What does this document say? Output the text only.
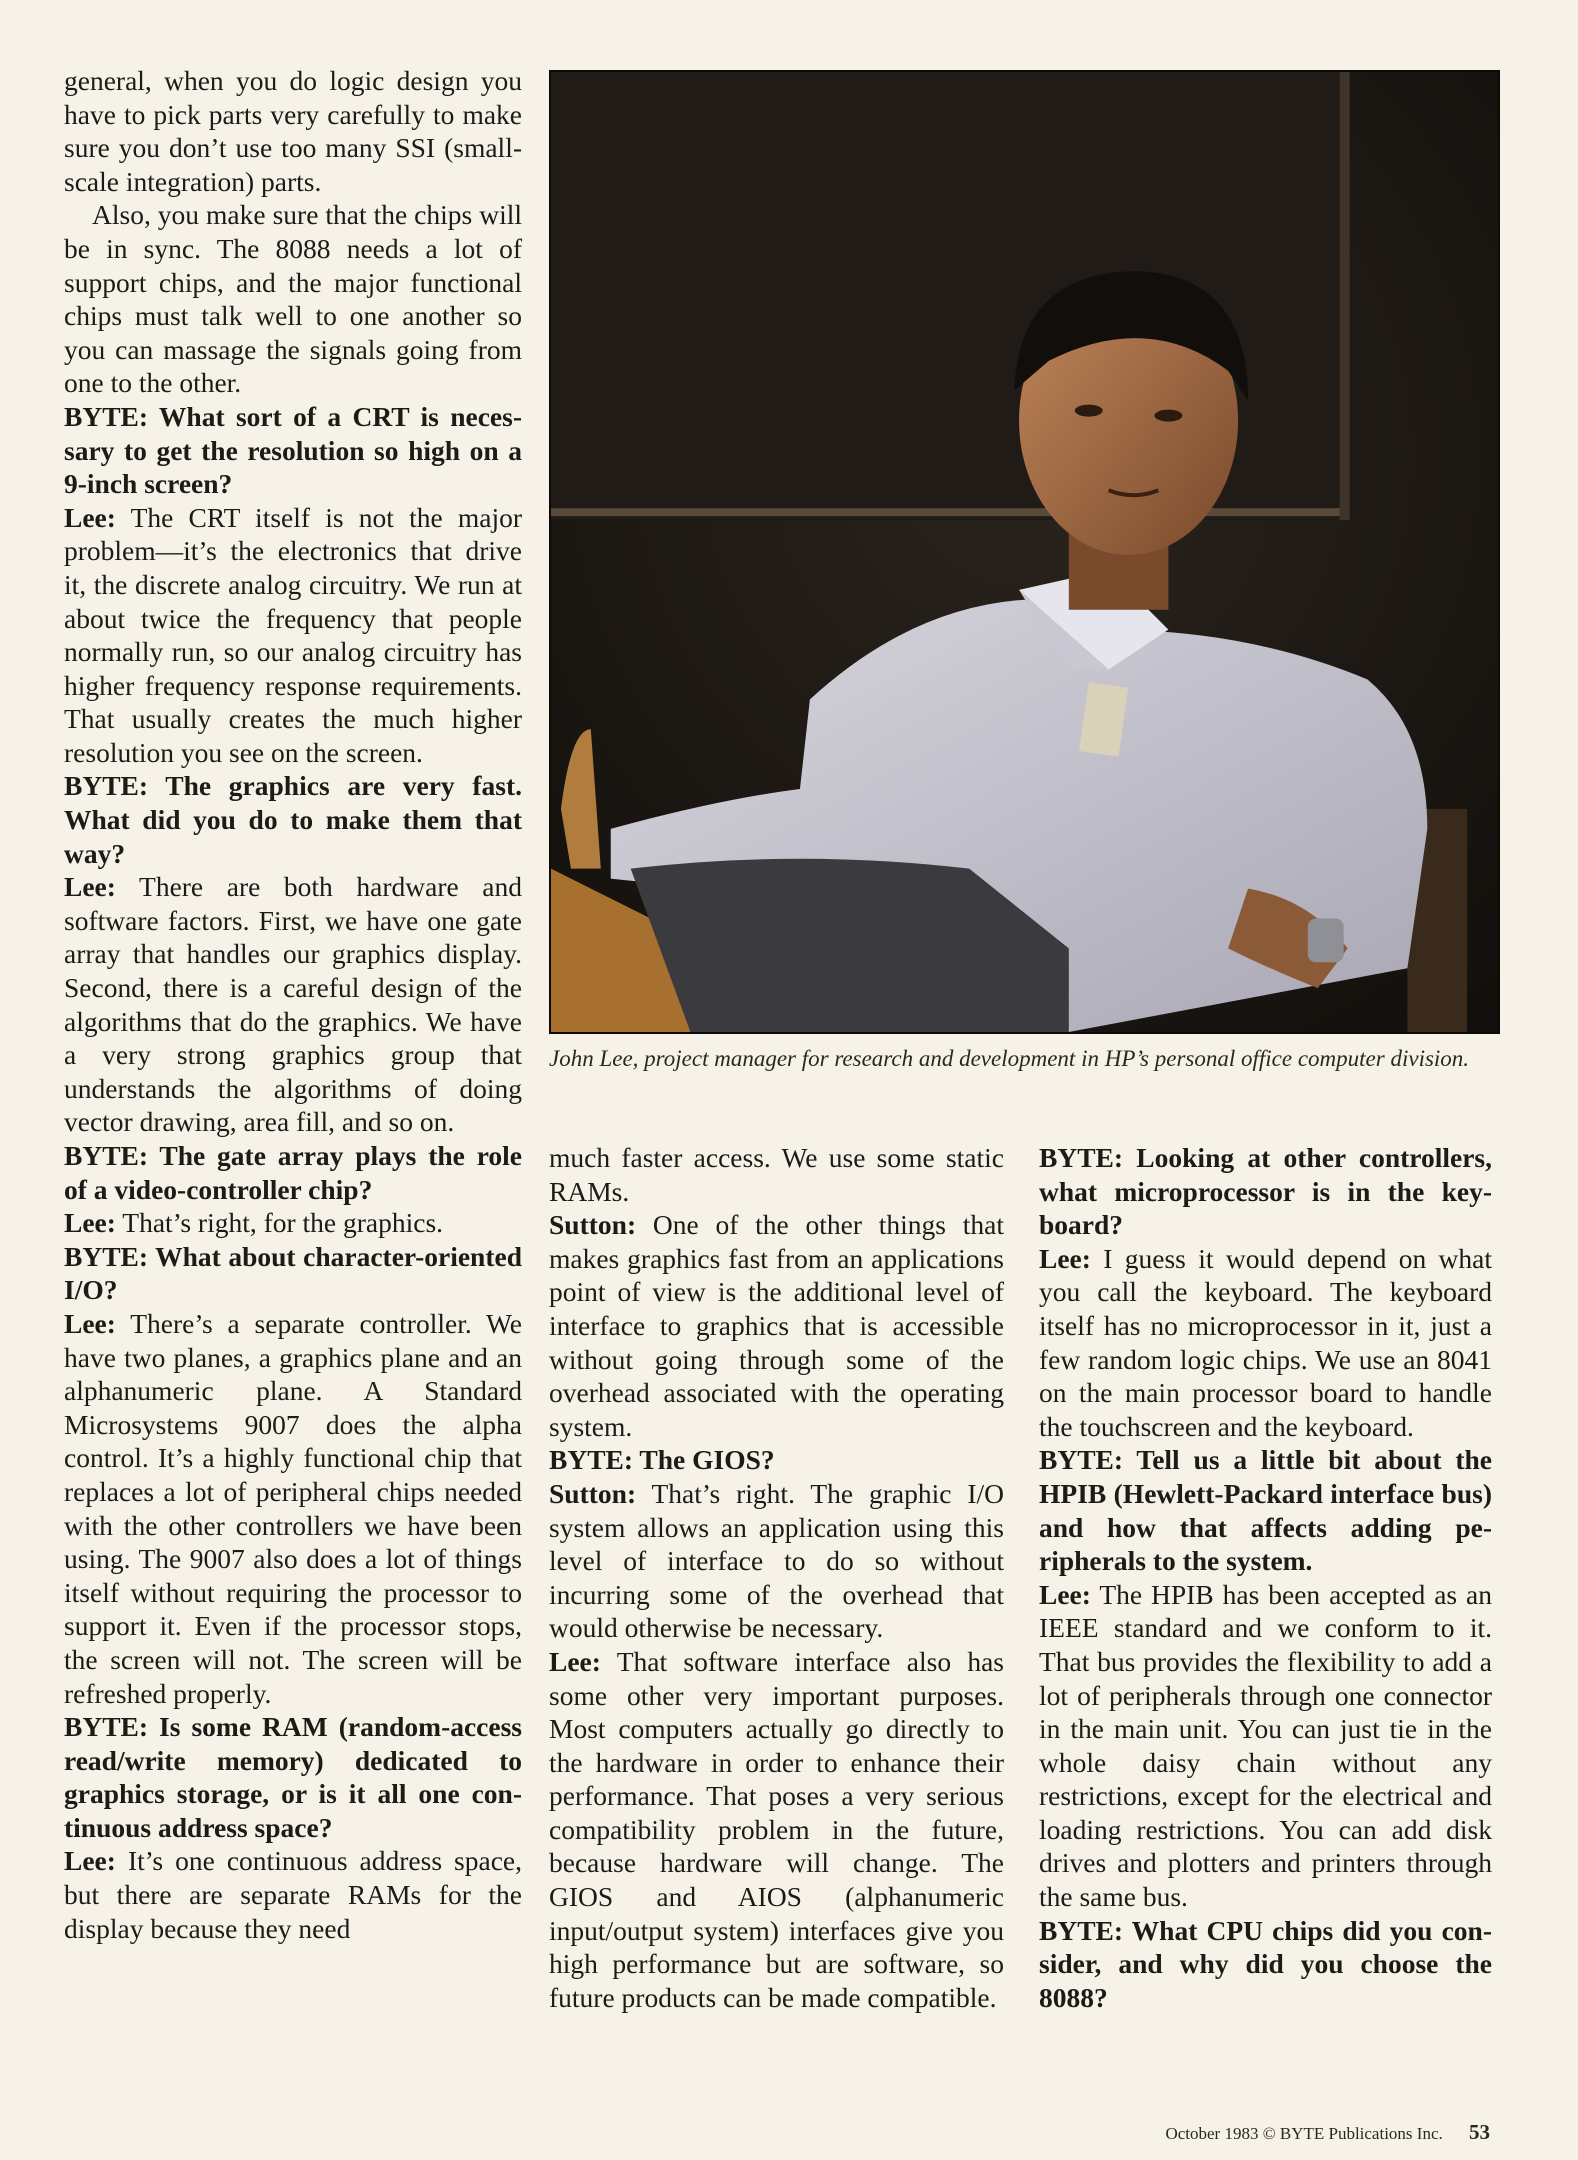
general, when you do logic design you have to pick parts very carefully to make sure you don’t use too many SSI (small-scale integration) parts.

Also, you make sure that the chips will be in sync. The 8088 needs a lot of support chips, and the major functional chips must talk well to one another so you can massage the signals going from one to the other.

BYTE: What sort of a CRT is necessary to get the resolution so high on a 9-inch screen?

Lee: The CRT itself is not the major problem—it’s the electronics that drive it, the discrete analog circuitry. We run at about twice the frequency that people normally run, so our analog circuitry has higher frequency response requirements. That usually creates the much higher resolution you see on the screen.

BYTE: The graphics are very fast. What did you do to make them that way?

Lee: There are both hardware and software factors. First, we have one gate array that handles our graphics display. Second, there is a careful design of the algorithms that do the graphics. We have a very strong graphics group that understands the algorithms of doing vector drawing, area fill, and so on.

BYTE: The gate array plays the role of a video-controller chip?

Lee: That’s right, for the graphics.

BYTE: What about character-oriented I/O?

Lee: There’s a separate controller. We have two planes, a graphics plane and an alphanumeric plane. A Standard Microsystems 9007 does the alpha control. It’s a highly functional chip that replaces a lot of peripheral chips needed with the other controllers we have been using. The 9007 also does a lot of things itself without requiring the processor to support it. Even if the processor stops, the screen will not. The screen will be refreshed properly.

BYTE: Is some RAM (random-access read/write memory) dedicated to graphics storage, or is it all one continuous address space?

Lee: It’s one continuous address space, but there are separate RAMs for the display because they need

John Lee, project manager for research and development in HP’s personal office computer division.

much faster access. We use some static RAMs.

Sutton: One of the other things that makes graphics fast from an applications point of view is the additional level of interface to graphics that is accessible without going through some of the overhead associated with the operating system.

BYTE: The GIOS?

Sutton: That’s right. The graphic I/O system allows an application using this level of interface to do so without incurring some of the overhead that would otherwise be necessary.

Lee: That software interface also has some other very important purposes. Most computers actually go directly to the hardware in order to enhance their performance. That poses a very serious compatibility problem in the future, because hardware will change. The GIOS and AIOS (alphanumeric input/output system) interfaces give you high performance but are software, so future products can be made compatible.

BYTE: Looking at other controllers, what microprocessor is in the keyboard?

Lee: I guess it would depend on what you call the keyboard. The keyboard itself has no microprocessor in it, just a few random logic chips. We use an 8041 on the main processor board to handle the touchscreen and the keyboard.

BYTE: Tell us a little bit about the HPIB (Hewlett-Packard interface bus) and how that affects adding peripherals to the system.

Lee: The HPIB has been accepted as an IEEE standard and we conform to it. That bus provides the flexibility to add a lot of peripherals through one connector in the main unit. You can just tie in the whole daisy chain without any restrictions, except for the electrical and loading restrictions. You can add disk drives and plotters and printers through the same bus.

BYTE: What CPU chips did you consider, and why did you choose the 8088?

October 1983 © BYTE Publications Inc. 53
